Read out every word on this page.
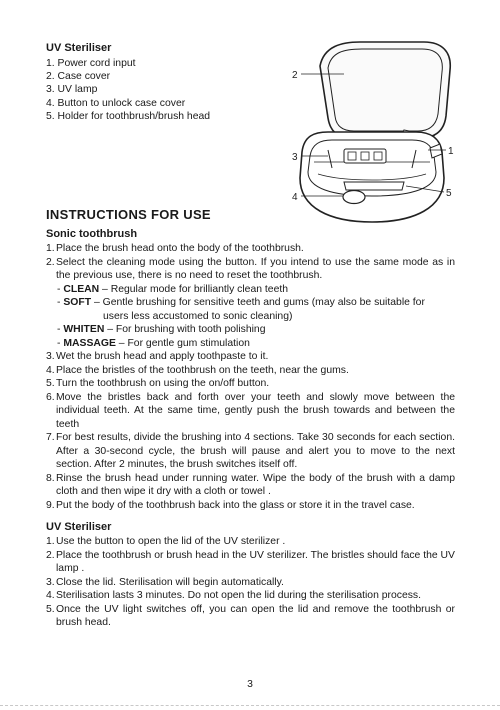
UV Steriliser
1. Power cord input
2. Case cover
3. UV lamp
4. Button to unlock case cover
5. Holder for toothbrush/brush head
2
3
4
1
5
INSTRUCTIONS FOR USE
Sonic toothbrush
1. Place the brush head onto the body of the toothbrush.
2. Select the cleaning mode using the button. If you intend to use the same mode as in the previous use, there is no need to reset the toothbrush.
- CLEAN – Regular mode for brilliantly clean teeth
- SOFT – Gentle brushing for sensitive teeth and gums (may also be suitable for
users less accustomed to sonic cleaning)
- WHITEN – For brushing with tooth polishing
- MASSAGE – For gentle gum stimulation
3. Wet the brush head and apply toothpaste to it.
4. Place the bristles of the toothbrush on the teeth, near the gums.
5. Turn the toothbrush on using the on/off button.
6. Move the bristles back and forth over your teeth and slowly move between the individual teeth. At the same time, gently push the brush towards and between the teeth
7. For best results, divide the brushing into 4 sections. Take 30 seconds for each section. After a 30-second cycle, the brush will pause and alert you to move to the next section. After 2 minutes, the brush switches itself off.
8. Rinse the brush head under running water. Wipe the body of the brush with a damp cloth and then wipe it dry with a cloth or towel .
9. Put the body of the toothbrush back into the glass or store it in the travel case.
UV Steriliser
1. Use the button to open the lid of the UV sterilizer .
2. Place the toothbrush or brush head in the UV sterilizer. The bristles should face the UV lamp .
3. Close the lid. Sterilisation will begin automatically.
4. Sterilisation lasts 3 minutes. Do not open the lid during the sterilisation process.
5. Once the UV light switches off, you can open the lid and remove the toothbrush or brush head.
3
